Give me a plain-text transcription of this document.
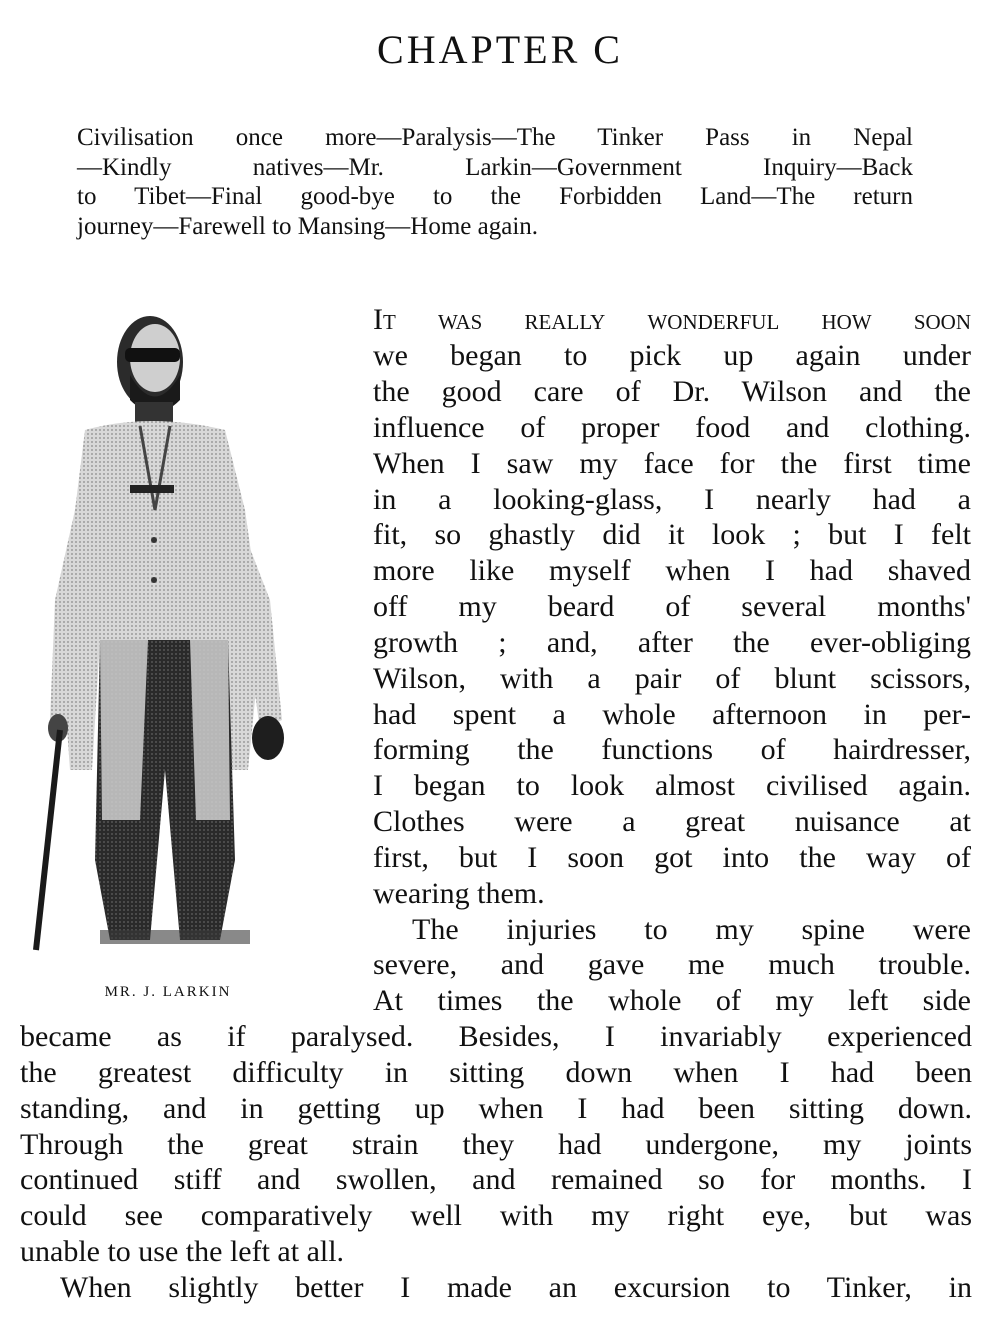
CHAPTER C
Civilisation once more—Paralysis—The Tinker Pass in Nepal
—Kindly natives—Mr. Larkin—Government Inquiry—Back
to Tibet—Final good-bye to the Forbidden Land—The return
journey—Farewell to Mansing—Home again.
MR. J. LARKIN
It was really wonderful how soon
we began to pick up again under
the good care of Dr. Wilson and the
influence of proper food and clothing.
When I saw my face for the first time
in a looking-glass, I nearly had a
fit, so ghastly did it look ; but I felt
more like myself when I had shaved
off my beard of several months'
growth ; and, after the ever-obliging
Wilson, with a pair of blunt scissors,
had spent a whole afternoon in per-
forming the functions of hairdresser,
I began to look almost civilised again.
Clothes were a great nuisance at
first, but I soon got into the way of
wearing them.
The injuries to my spine were
severe, and gave me much trouble.
At times the whole of my left side
became as if paralysed. Besides, I invariably experienced
the greatest difficulty in sitting down when I had been
standing, and in getting up when I had been sitting down.
Through the great strain they had undergone, my joints
continued stiff and swollen, and remained so for months. I
could see comparatively well with my right eye, but was
unable to use the left at all.
When slightly better I made an excursion to Tinker, in
